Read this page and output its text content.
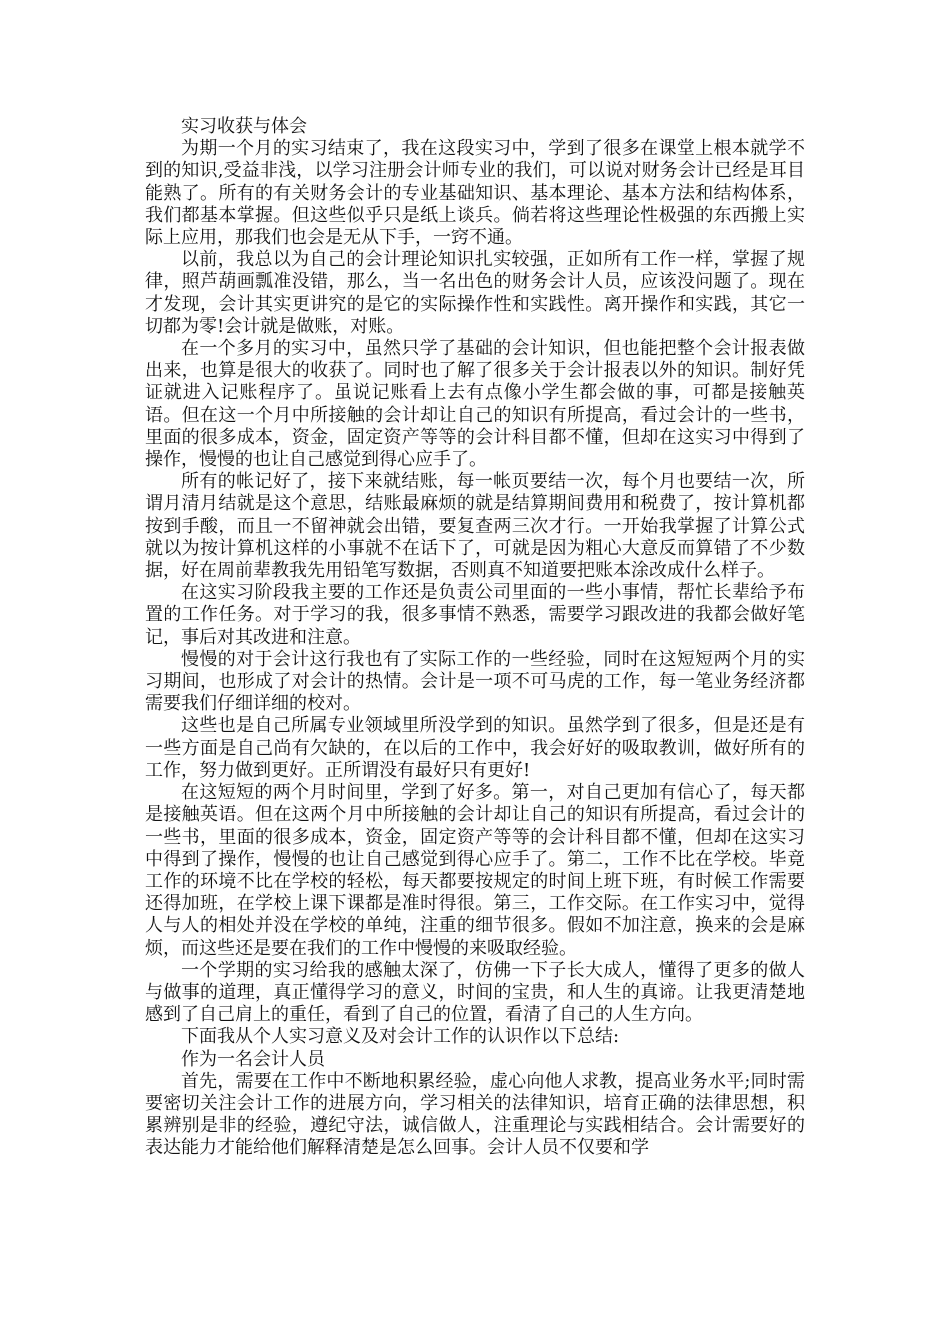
实习收获与体会

为期一个月的实习结束了，我在这段实习中，学到了很多在课堂上根本就学不到的知识,受益非浅，以学习注册会计师专业的我们，可以说对财务会计已经是耳目能熟了。所有的有关财务会计的专业基础知识、基本理论、基本方法和结构体系，我们都基本掌握。但这些似乎只是纸上谈兵。倘若将这些理论性极强的东西搬上实际上应用，那我们也会是无从下手，一窍不通。

以前，我总以为自己的会计理论知识扎实较强，正如所有工作一样，掌握了规律，照芦葫画瓢准没错，那么，当一名出色的财务会计人员，应该没问题了。现在才发现，会计其实更讲究的是它的实际操作性和实践性。离开操作和实践，其它一切都为零!会计就是做账，对账。

在一个多月的实习中，虽然只学了基础的会计知识，但也能把整个会计报表做出来，也算是很大的收获了。同时也了解了很多关于会计报表以外的知识。制好凭证就进入记账程序了。虽说记账看上去有点像小学生都会做的事，可都是接触英语。但在这一个月中所接触的会计却让自己的知识有所提高，看过会计的一些书，里面的很多成本，资金，固定资产等等的会计科目都不懂，但却在这实习中得到了操作，慢慢的也让自己感觉到得心应手了。

所有的帐记好了，接下来就结账，每一帐页要结一次，每个月也要结一次，所谓月清月结就是这个意思，结账最麻烦的就是结算期间费用和税费了，按计算机都按到手酸，而且一不留神就会出错，要复查两三次才行。一开始我掌握了计算公式就以为按计算机这样的小事就不在话下了，可就是因为粗心大意反而算错了不少数据，好在周前辈教我先用铅笔写数据，否则真不知道要把账本涂改成什么样子。

在这实习阶段我主要的工作还是负责公司里面的一些小事情，帮忙长辈给予布置的工作任务。对于学习的我，很多事情不熟悉，需要学习跟改进的我都会做好笔记，事后对其改进和注意。

慢慢的对于会计这行我也有了实际工作的一些经验，同时在这短短两个月的实习期间，也形成了对会计的热情。会计是一项不可马虎的工作，每一笔业务经济都需要我们仔细详细的校对。

这些也是自己所属专业领域里所没学到的知识。虽然学到了很多，但是还是有一些方面是自己尚有欠缺的，在以后的工作中，我会好好的吸取教训，做好所有的工作，努力做到更好。正所谓没有最好只有更好!

在这短短的两个月时间里，学到了好多。第一，对自己更加有信心了，每天都是接触英语。但在这两个月中所接触的会计却让自己的知识有所提高，看过会计的一些书，里面的很多成本，资金，固定资产等等的会计科目都不懂，但却在这实习中得到了操作，慢慢的也让自己感觉到得心应手了。第二，工作不比在学校。毕竟工作的环境不比在学校的轻松，每天都要按规定的时间上班下班，有时候工作需要还得加班，在学校上课下课都是准时得很。第三，工作交际。在工作实习中，觉得人与人的相处并没在学校的单纯，注重的细节很多。假如不加注意，换来的会是麻烦，而这些还是要在我们的工作中慢慢的来吸取经验。

一个学期的实习给我的感触太深了，仿佛一下子长大成人，懂得了更多的做人与做事的道理，真正懂得学习的意义，时间的宝贵，和人生的真谛。让我更清楚地感到了自己肩上的重任，看到了自己的位置，看清了自己的人生方向。

下面我从个人实习意义及对会计工作的认识作以下总结:

作为一名会计人员

首先，需要在工作中不断地积累经验，虚心向他人求教，提高业务水平;同时需要密切关注会计工作的进展方向，学习相关的法律知识，培育正确的法律思想，积累辨别是非的经验，遵纪守法，诚信做人，注重理论与实践相结合。会计需要好的表达能力才能给他们解释清楚是怎么回事。会计人员不仅要和学
